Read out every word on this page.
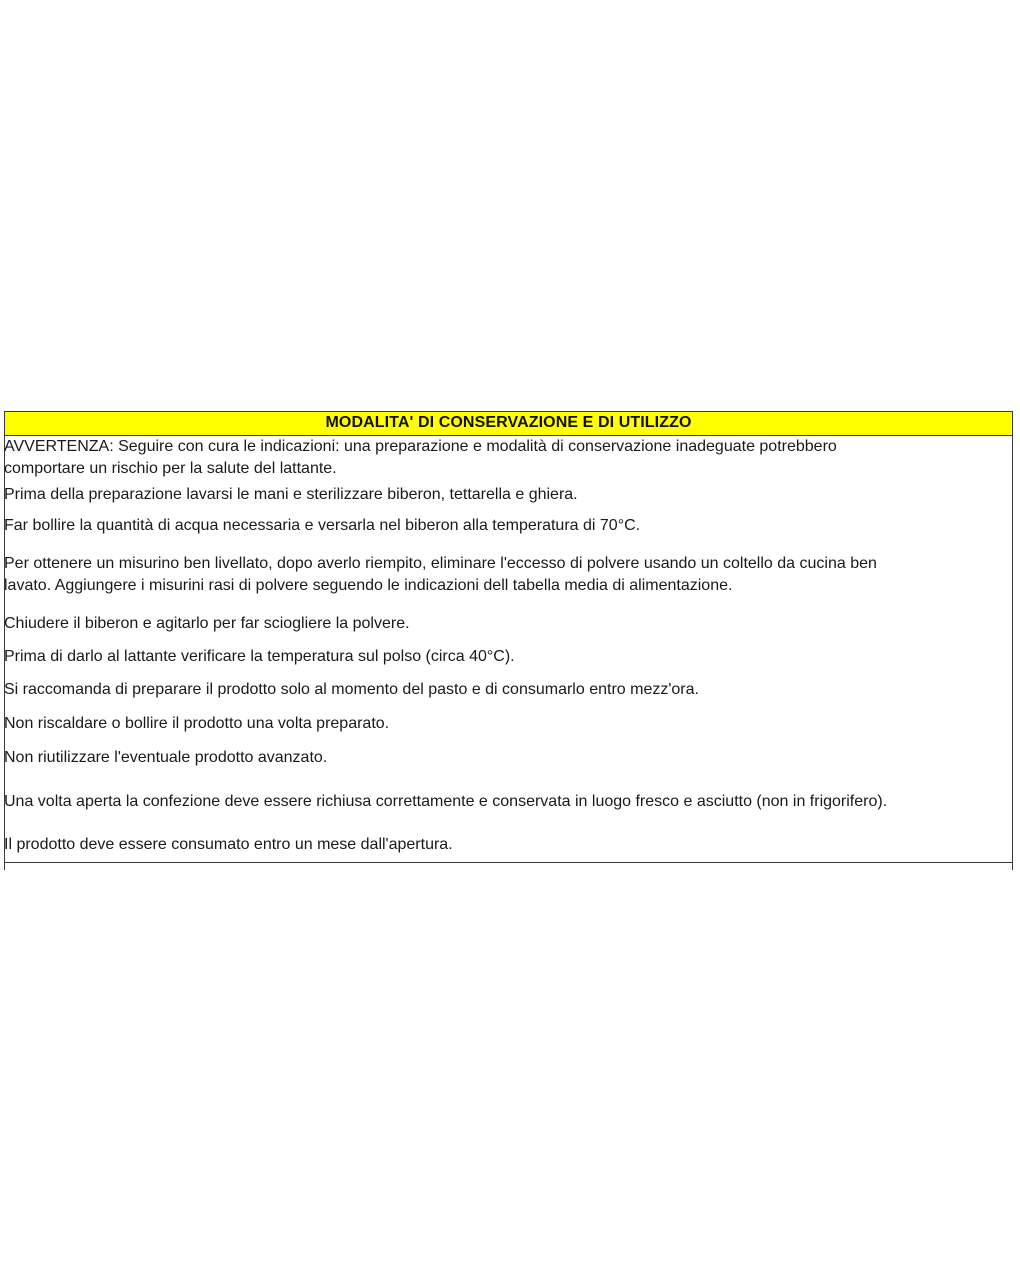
MODALITA' DI CONSERVAZIONE E DI UTILIZZO
AVVERTENZA: Seguire con cura le indicazioni: una preparazione e modalità di conservazione inadeguate potrebbero
comportare un rischio per la salute del lattante.
Prima della preparazione lavarsi le mani e sterilizzare biberon, tettarella e ghiera.
Far bollire la quantità di acqua necessaria e versarla nel biberon alla temperatura di 70°C.
Per ottenere un misurino ben livellato, dopo averlo riempito, eliminare l'eccesso di polvere usando un coltello da cucina ben
lavato. Aggiungere i misurini rasi di polvere seguendo le indicazioni dell tabella media di alimentazione.
Chiudere il biberon e agitarlo per far sciogliere la polvere.
Prima di darlo al lattante verificare la temperatura sul polso (circa 40°C).
Si raccomanda di preparare il prodotto solo al momento del pasto e di consumarlo entro mezz'ora.
Non riscaldare o bollire il prodotto una volta preparato.
Non riutilizzare l'eventuale prodotto avanzato.
Una volta aperta la confezione deve essere richiusa correttamente e conservata in luogo fresco e asciutto (non in frigorifero).
Il prodotto deve essere consumato entro un mese dall'apertura.
